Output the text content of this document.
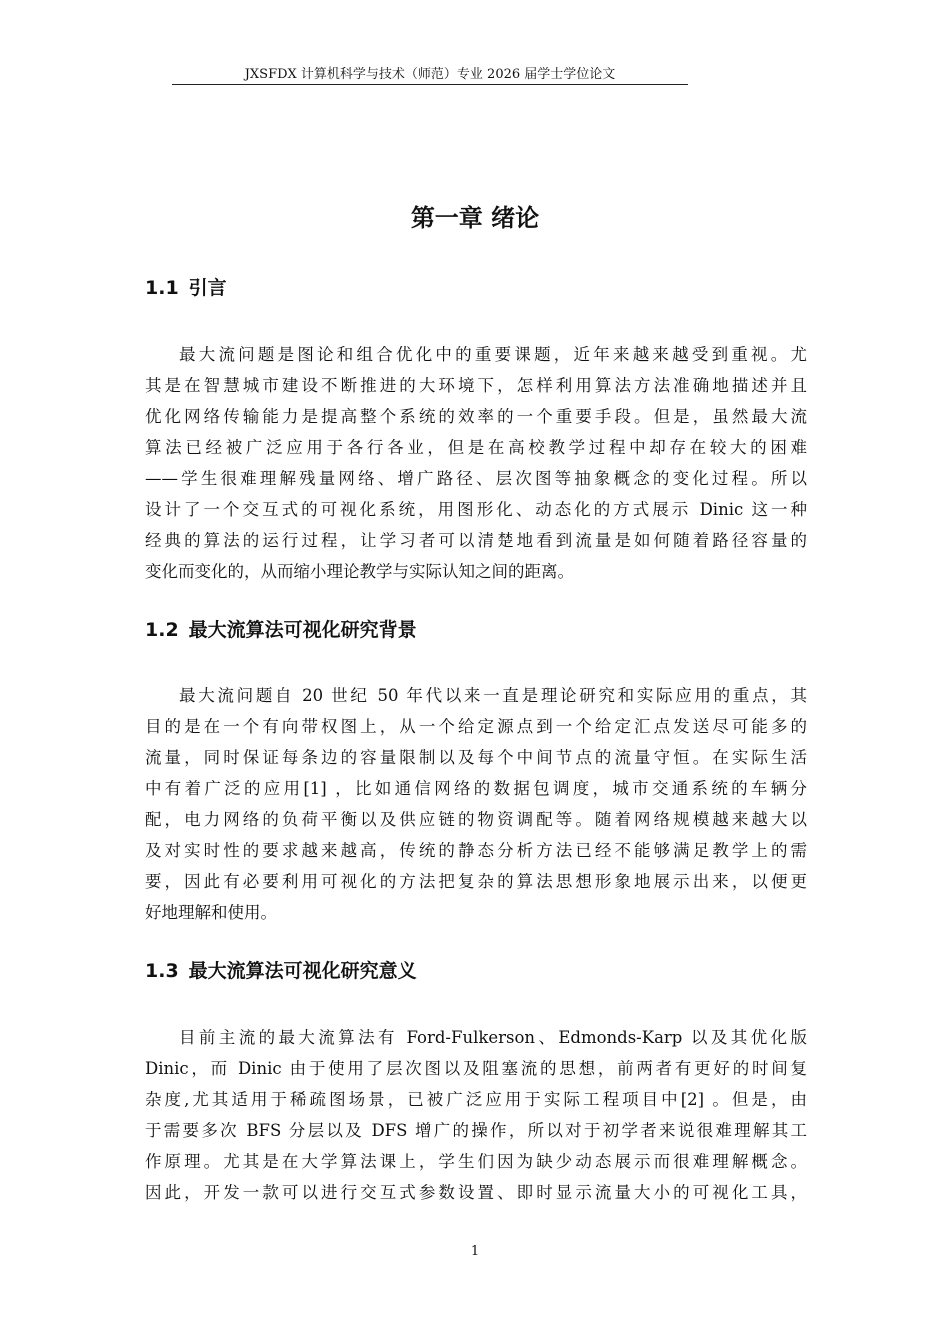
JXSFDX 计算机科学与技术（师范）专业 2026 届学士学位论文
第一章 绪论
1.1 引言
最大流问题是图论和组合优化中的重要课题，近年来越来越受到重视。尤
其是在智慧城市建设不断推进的大环境下，怎样利用算法方法准确地描述并且
优化网络传输能力是提高整个系统的效率的一个重要手段。但是，虽然最大流
算法已经被广泛应用于各行各业，但是在高校教学过程中却存在较大的困难
——学生很难理解残量网络、增广路径、层次图等抽象概念的变化过程。所以
设计了一个交互式的可视化系统，用图形化、动态化的方式展示 Dinic 这一种
经典的算法的运行过程，让学习者可以清楚地看到流量是如何随着路径容量的
变化而变化的，从而缩小理论教学与实际认知之间的距离。
1.2 最大流算法可视化研究背景
最大流问题自 20 世纪 50 年代以来一直是理论研究和实际应用的重点，其
目的是在一个有向带权图上，从一个给定源点到一个给定汇点发送尽可能多的
流量，同时保证每条边的容量限制以及每个中间节点的流量守恒。在实际生活
中有着广泛的应用[1] ，比如通信网络的数据包调度，城市交通系统的车辆分
配，电力网络的负荷平衡以及供应链的物资调配等。随着网络规模越来越大以
及对实时性的要求越来越高，传统的静态分析方法已经不能够满足教学上的需
要，因此有必要利用可视化的方法把复杂的算法思想形象地展示出来，以便更
好地理解和使用。
1.3 最大流算法可视化研究意义
目前主流的最大流算法有 Ford-Fulkerson、Edmonds-Karp 以及其优化版
Dinic，而 Dinic 由于使用了层次图以及阻塞流的思想，前两者有更好的时间复
杂度,尤其适用于稀疏图场景，已被广泛应用于实际工程项目中[2] 。但是，由
于需要多次 BFS 分层以及 DFS 增广的操作，所以对于初学者来说很难理解其工
作原理。尤其是在大学算法课上，学生们因为缺少动态展示而很难理解概念。
因此，开发一款可以进行交互式参数设置、即时显示流量大小的可视化工具，
1
